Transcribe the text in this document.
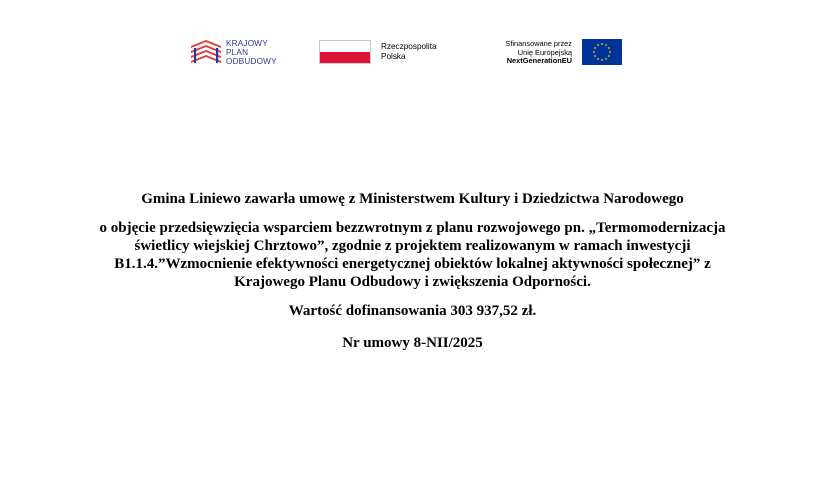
KRAJOWY
PLAN
ODBUDOWY
Rzeczpospolita
Polska
Sfinansowane przez
Unię Europejską
NextGenerationEU

Gmina Liniewo zawarła umowę z Ministerstwem Kultury i Dziedzictwa Narodowego

o objęcie przedsięwzięcia wsparciem bezzwrotnym z planu rozwojowego pn. „Termomodernizacja

świetlicy wiejskiej Chrztowo”, zgodnie z projektem realizowanym w ramach inwestycji

B1.1.4.”Wzmocnienie efektywności energetycznej obiektów lokalnej aktywności społecznej” z

Krajowego Planu Odbudowy i zwiększenia Odporności.

Wartość dofinansowania 303 937,52 zł.

Nr umowy 8-NII/2025
